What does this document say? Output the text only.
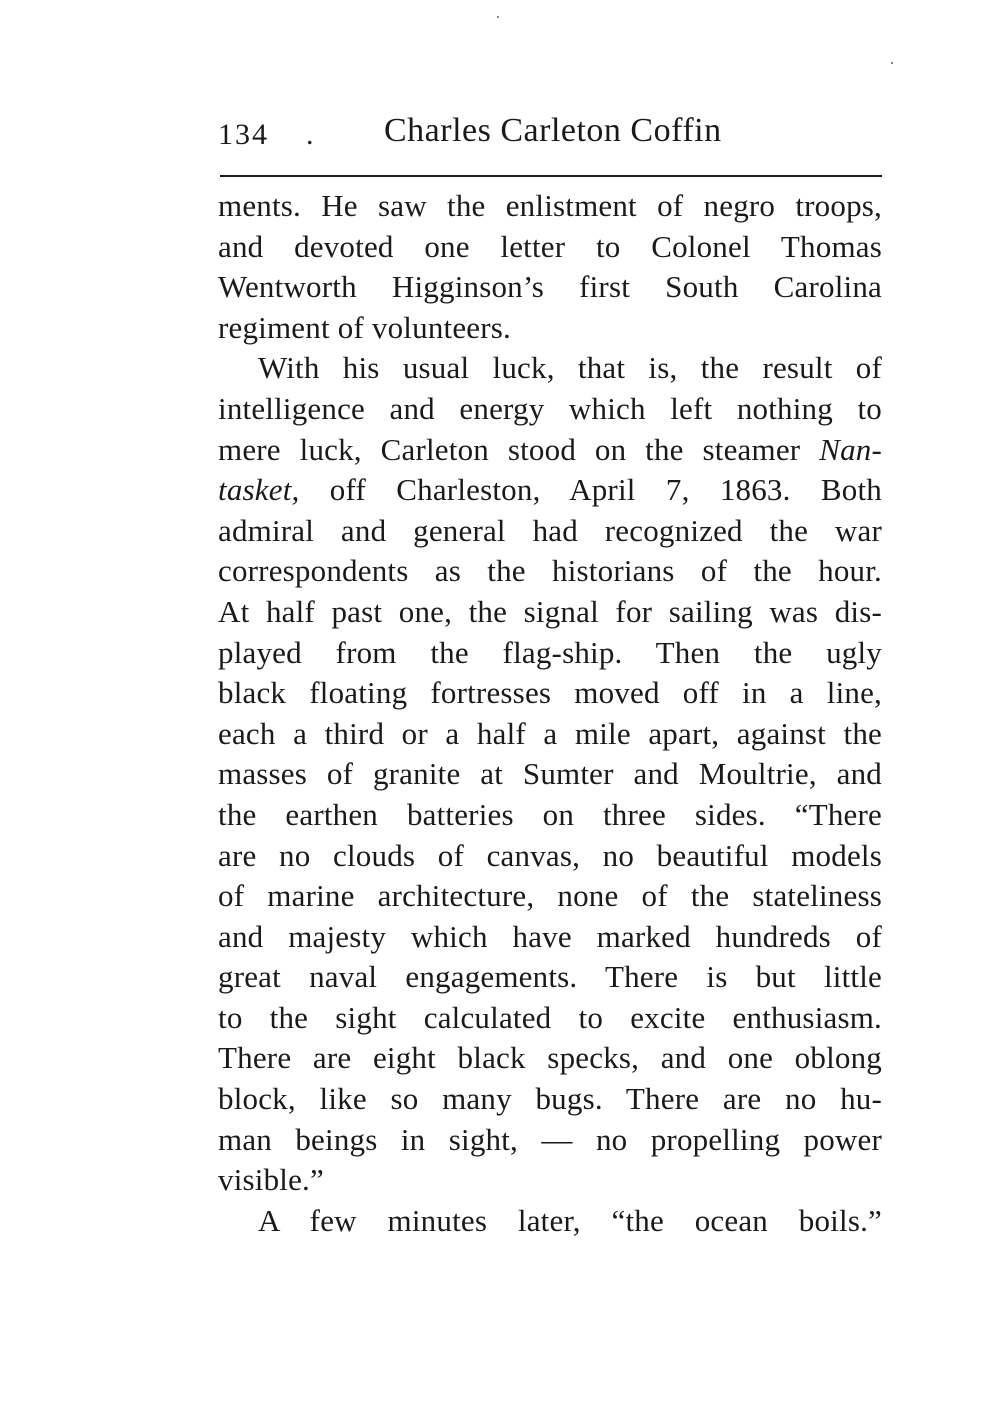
134 . Charles Carleton Coffin
ments. He saw the enlistment of negro troops,
and devoted one letter to Colonel Thomas
Wentworth Higginson’s first South Carolina
regiment of volunteers.
With his usual luck, that is, the result of
intelligence and energy which left nothing to
mere luck, Carleton stood on the steamer Nan-
tasket, off Charleston, April 7, 1863. Both
admiral and general had recognized the war
correspondents as the historians of the hour.
At half past one, the signal for sailing was dis-
played from the flag-ship. Then the ugly
black floating fortresses moved off in a line,
each a third or a half a mile apart, against the
masses of granite at Sumter and Moultrie, and
the earthen batteries on three sides. “There
are no clouds of canvas, no beautiful models
of marine architecture, none of the stateliness
and majesty which have marked hundreds of
great naval engagements. There is but little
to the sight calculated to excite enthusiasm.
There are eight black specks, and one oblong
block, like so many bugs. There are no hu-
man beings in sight, — no propelling power
visible.”
A few minutes later, “the ocean boils.”
